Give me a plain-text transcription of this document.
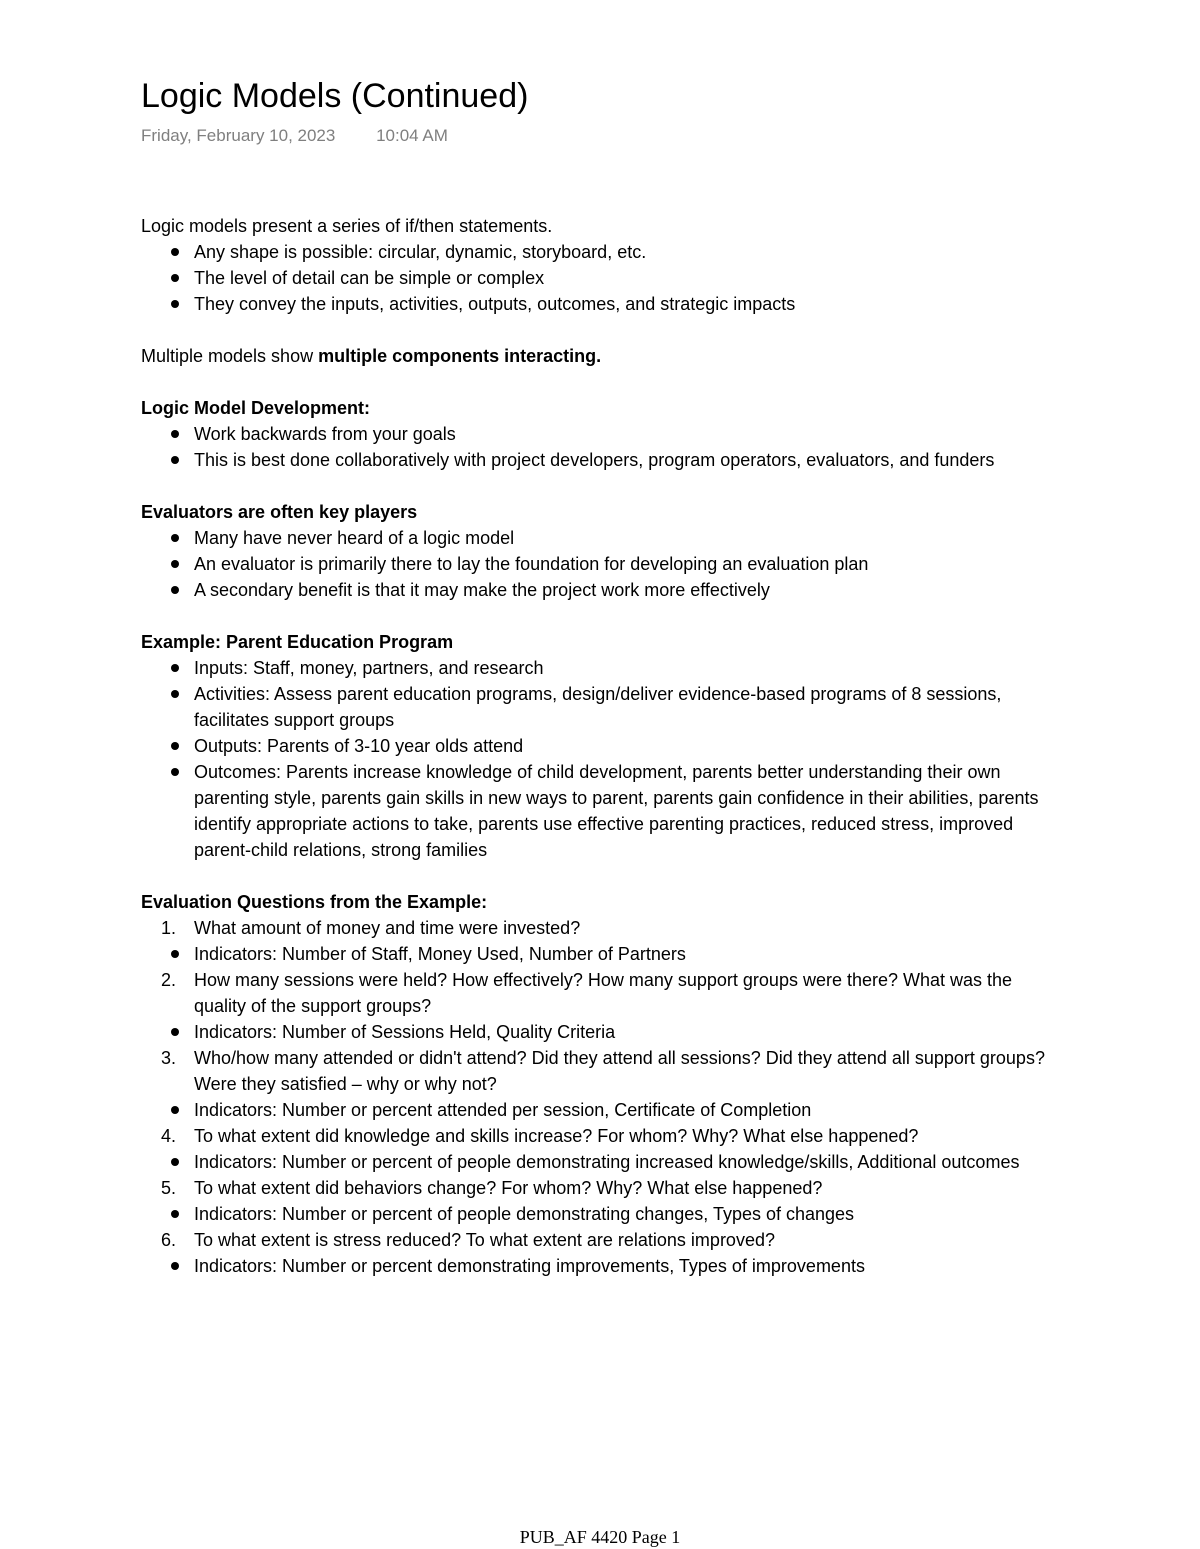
Logic Models (Continued)
Friday, February 10, 2023 10:04 AM

Logic models present a series of if/then statements.

Any shape is possible: circular, dynamic, storyboard, etc.
The level of detail can be simple or complex
They convey the inputs, activities, outputs, outcomes, and strategic impacts

Multiple models show multiple components interacting.

Logic Model Development:

Work backwards from your goals
This is best done collaboratively with project developers, program operators, evaluators, and funders

Evaluators are often key players

Many have never heard of a logic model
An evaluator is primarily there to lay the foundation for developing an evaluation plan
A secondary benefit is that it may make the project work more effectively

Example: Parent Education Program

Inputs: Staff, money, partners, and research
Activities: Assess parent education programs, design/deliver evidence-based programs of 8 sessions, facilitates support groups
Outputs: Parents of 3-10 year olds attend
Outcomes: Parents increase knowledge of child development, parents better understanding their own parenting style, parents gain skills in new ways to parent, parents gain confidence in their abilities, parents identify appropriate actions to take, parents use effective parenting practices, reduced stress, improved parent-child relations, strong families

Evaluation Questions from the Example:

1. What amount of money and time were invested?
Indicators: Number of Staff, Money Used, Number of Partners
2. How many sessions were held? How effectively? How many support groups were there? What was the quality of the support groups?
Indicators: Number of Sessions Held, Quality Criteria
3. Who/how many attended or didn't attend? Did they attend all sessions? Did they attend all support groups? Were they satisfied – why or why not?
Indicators: Number or percent attended per session, Certificate of Completion
4. To what extent did knowledge and skills increase? For whom? Why? What else happened?
Indicators: Number or percent of people demonstrating increased knowledge/skills, Additional outcomes
5. To what extent did behaviors change? For whom? Why? What else happened?
Indicators: Number or percent of people demonstrating changes, Types of changes
6. To what extent is stress reduced? To what extent are relations improved?
Indicators: Number or percent demonstrating improvements, Types of improvements
PUB_AF 4420 Page 1
